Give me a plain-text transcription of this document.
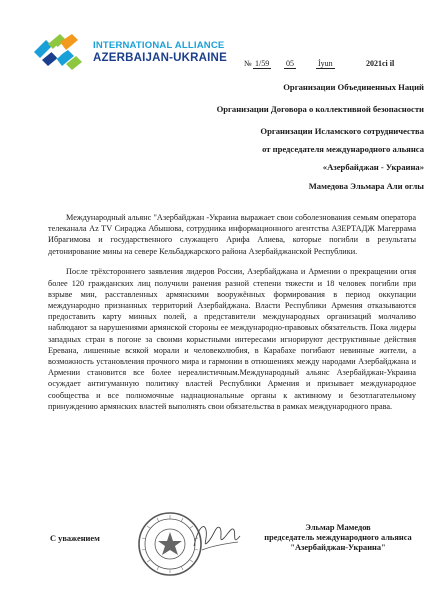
INTERNATIONAL ALLIANCE
AZERBAIJAN-UKRAINE № 1/59 05	İyun	2021ci il
Организации Объединенных Наций
Организации Договора о коллективной безопасности
Организации Исламского сотрудничества
от председателя международного альянса
«Азербайджан - Украина»
Мамедова Эльмара Али оглы

Международный альянс "Азербайджан -Украина выражает свои соболезнования семьям оператора телеканала Az TV Сираджа Абышова, сотрудника информационного агентства АЗЕРТАДЖ Магеррама Ибрагимова и государственного служащего Арифа Алиева, которые погибли в результаты детонирование мины на севере Кельбаджарского района Азербайджанской Республики.

После трёхстороннего заявления лидеров России, Азербайджана и Армении о прекращении огня более 120 гражданских лиц получили ранения разной степени тяжести и 18 человек погибли при взрыве мин, расставленных армянскими вооружённых формирования в период оккупации международно признанных территорий Азербайджана. Власти Республики Армения отказываются предоставить карту минных полей, а представители международных организаций молчаливо наблюдают за нарушениями армянской стороны ее международно-правовых обязательств. Пока лидеры западных стран в погоне за своими корыстными интересами игнорируют деструктивные действия Еревана, лишенные всякой морали и человеколюбия, в Карабахе погибают невинные жители, а возможность установления прочного мира и гармонии в отношениях между народами Азербайджана и Армении становится все более нереалистичным.Международный альянс Азербайджан-Украина осуждает антигуманную политику властей Республики Армения и призывает международное сообщества и все полномочные наднациональные органы к активному и безотлагательному принуждению армянских властей выполнять свои обязательства в рамках международного права.

С уважением
Эльмар Мамедов
председатель международного альянса
"Азербайджан-Украина"
